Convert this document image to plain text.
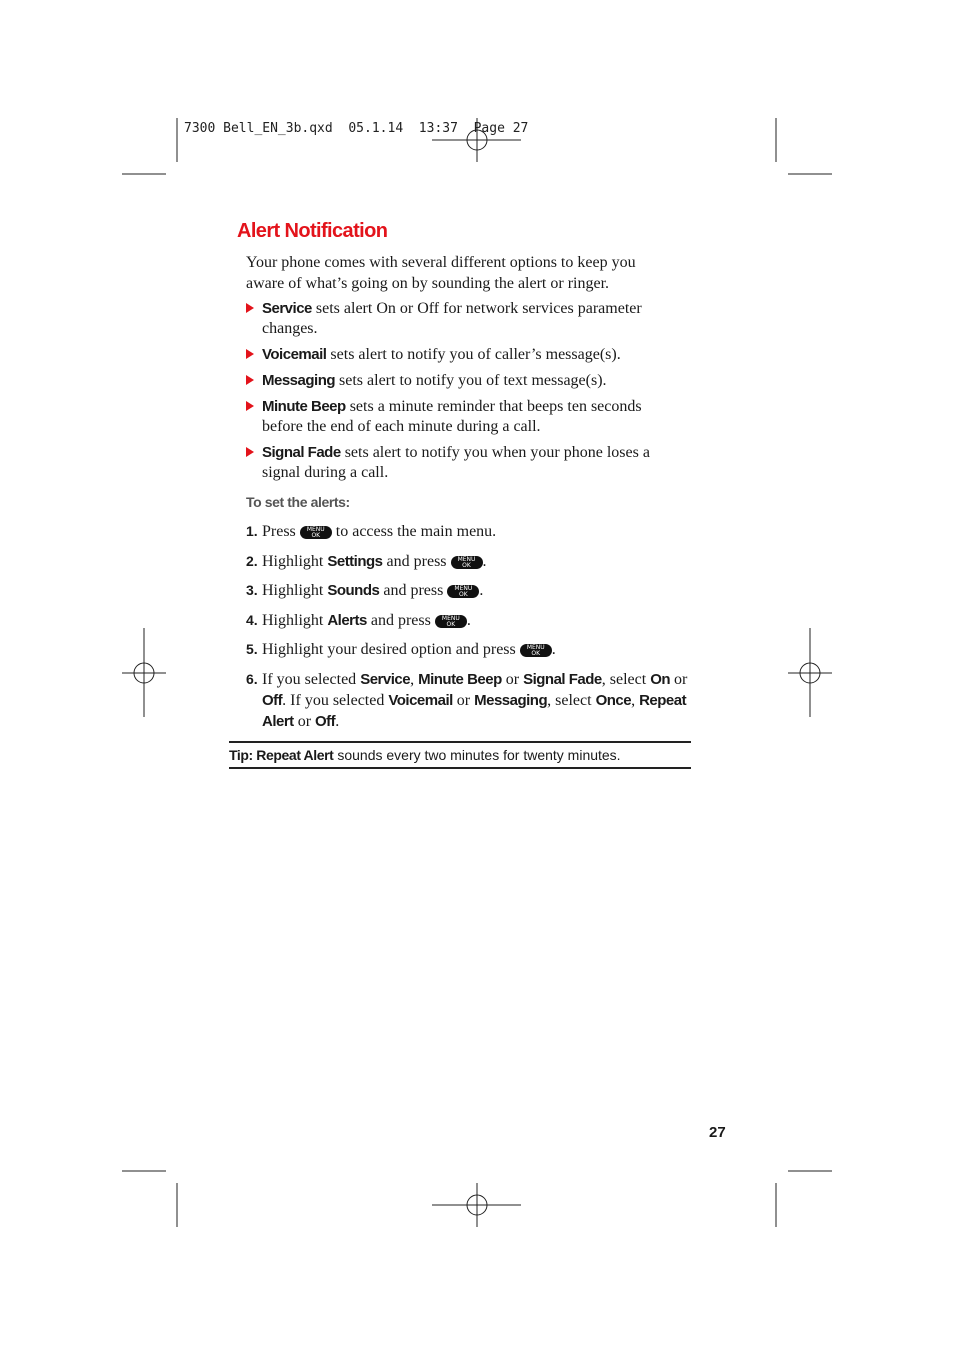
7300 Bell_EN_3b.qxd  05.1.14  13:37  Page 27
Alert Notification

Your phone comes with several different options to keep you aware of what’s going on by sounding the alert or ringer.

Service sets alert On or Off for network services parameter changes.
Voicemail sets alert to notify you of caller’s message(s).
Messaging sets alert to notify you of text message(s).
Minute Beep sets a minute reminder that beeps ten seconds before the end of each minute during a call.
Signal Fade sets alert to notify you when your phone loses a signal during a call.
To set the alerts:
1. Press	MENU
OK to access the main menu.
2. Highlight Settings and press	MENU
OK .
3. Highlight Sounds and press	MENU
OK .
4. Highlight Alerts and press	MENU
OK .
5. Highlight your desired option and press	MENU
OK .
6. If you selected Service, Minute Beep or Signal Fade, select On or Off. If you selected Voicemail or Messaging, select Once, Repeat Alert or Off.
Tip: Repeat Alert sounds every two minutes for twenty minutes.
27
